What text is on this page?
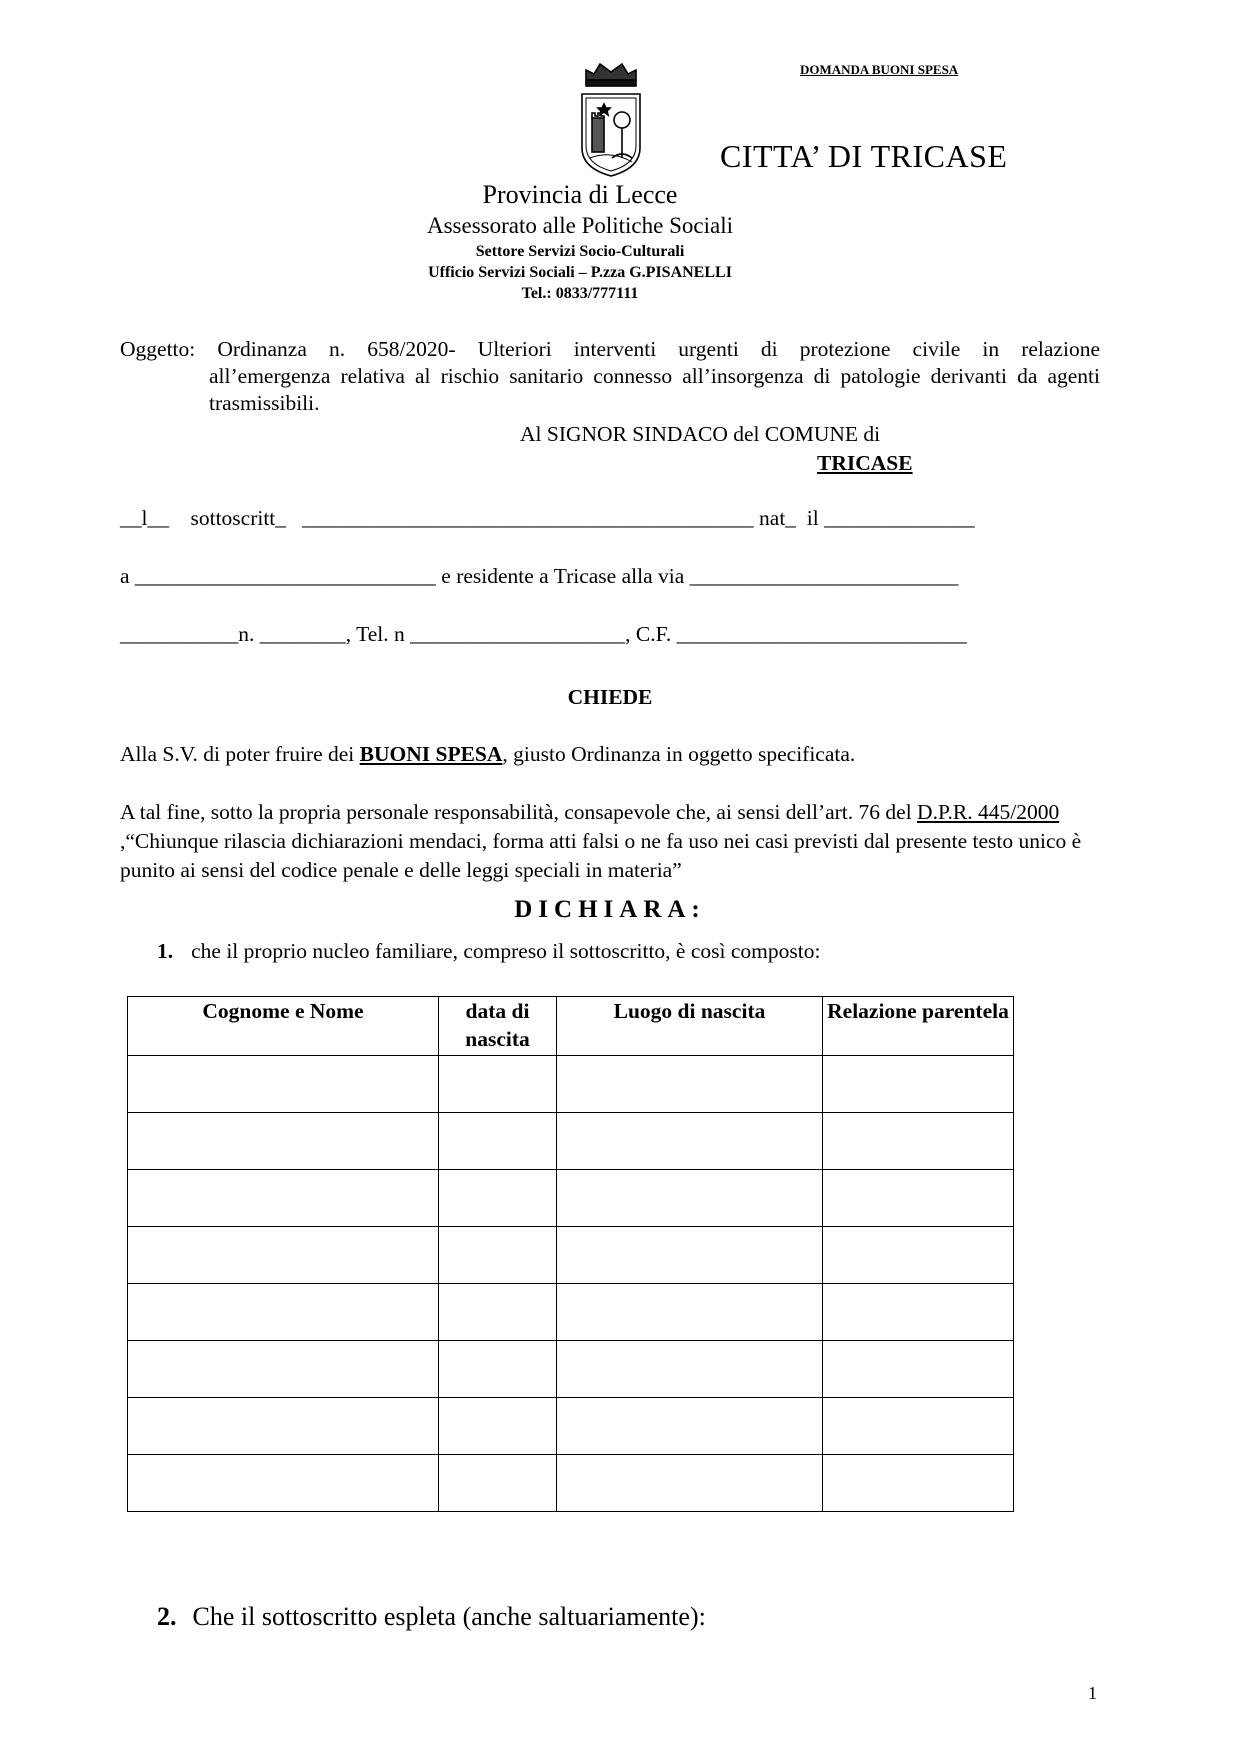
DOMANDA BUONI SPESA
CITTA’ DI TRICASE
Provincia di Lecce
Assessorato alle Politiche Sociali
Settore Servizi Socio-Culturali
Ufficio Servizi Sociali – P.zza G.PISANELLI
Tel.: 0833/777111
Oggetto: Ordinanza n. 658/2020- Ulteriori interventi urgenti di protezione civile in relazione
all’emergenza relativa al rischio sanitario connesso all’insorgenza di patologie derivanti da agenti trasmissibili.
Al SIGNOR SINDACO del COMUNE di
TRICASE
__l__    sottoscritt_   __________________________________________ nat_  il ______________
a ____________________________ e residente a Tricase alla via _________________________
___________n. ________, Tel. n ____________________, C.F. ___________________________
CHIEDE
Alla S.V. di poter fruire dei BUONI SPESA, giusto Ordinanza in oggetto specificata.
A tal fine, sotto la propria personale responsabilità, consapevole che, ai sensi dell’art. 76 del D.P.R. 445/2000 ,“Chiunque rilascia dichiarazioni mendaci, forma atti falsi o ne fa uso nei casi previsti dal presente testo unico è punito ai sensi del codice penale e delle leggi speciali in materia”
DICHIARA:
1. che il proprio nucleo familiare, compreso il sottoscritto, è così composto:
Cognome e Nome	data di nascita	Luogo di nascita	Relazione parentela

2. Che il sottoscritto espleta (anche saltuariamente):
1
